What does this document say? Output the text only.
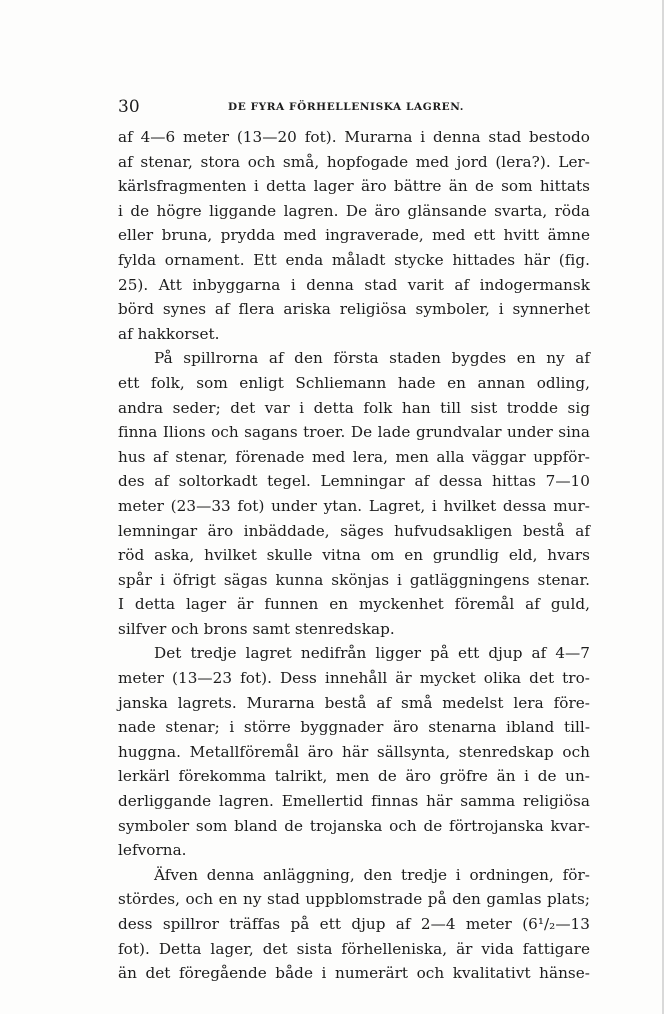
30	DE FYRA FÖRHELLENISKA LAGREN.
af 4—6 meter (13—20 fot). Murarna i denna stad bestodo
af stenar, stora och små, hopfogade med jord (lera?). Ler-
kärlsfragmenten i detta lager äro bättre än de som hittats
i de högre liggande lagren. De äro glänsande svarta, röda
eller bruna, prydda med ingraverade, med ett hvitt ämne
fylda ornament. Ett enda måladt stycke hittades här (fig.
25). Att inbyggarna i denna stad varit af indogermansk
börd synes af flera ariska religiösa symboler, i synnerhet
af hakkorset.
På spillrorna af den första staden bygdes en ny af
ett folk, som enligt Schliemann hade en annan odling,
andra seder; det var i detta folk han till sist trodde sig
finna Ilions och sagans troer. De lade grundvalar under sina
hus af stenar, förenade med lera, men alla väggar uppför-
des af soltorkadt tegel. Lemningar af dessa hittas 7—10
meter (23—33 fot) under ytan. Lagret, i hvilket dessa mur-
lemningar äro inbäddade, säges hufvudsakligen bestå af
röd aska, hvilket skulle vitna om en grundlig eld, hvars
spår i öfrigt sägas kunna skönjas i gatläggningens stenar.
I detta lager är funnen en myckenhet föremål af guld,
silfver och brons samt stenredskap.
Det tredje lagret nedifrån ligger på ett djup af 4—7
meter (13—23 fot). Dess innehåll är mycket olika det tro-
janska lagrets. Murarna bestå af små medelst lera före-
nade stenar; i större byggnader äro stenarna ibland till-
huggna. Metallföremål äro här sällsynta, stenredskap och
lerkärl förekomma talrikt, men de äro gröfre än i de un-
derliggande lagren. Emellertid finnas här samma religiösa
symboler som bland de trojanska och de förtrojanska kvar-
lefvorna.
Äfven denna anläggning, den tredje i ordningen, för-
stördes, och en ny stad uppblomstrade på den gamlas plats;
dess spillror träffas på ett djup af 2—4 meter (6¹/₂—13
fot). Detta lager, det sista förhelleniska, är vida fattigare
än det föregående både i numerärt och kvalitativt hänse-
